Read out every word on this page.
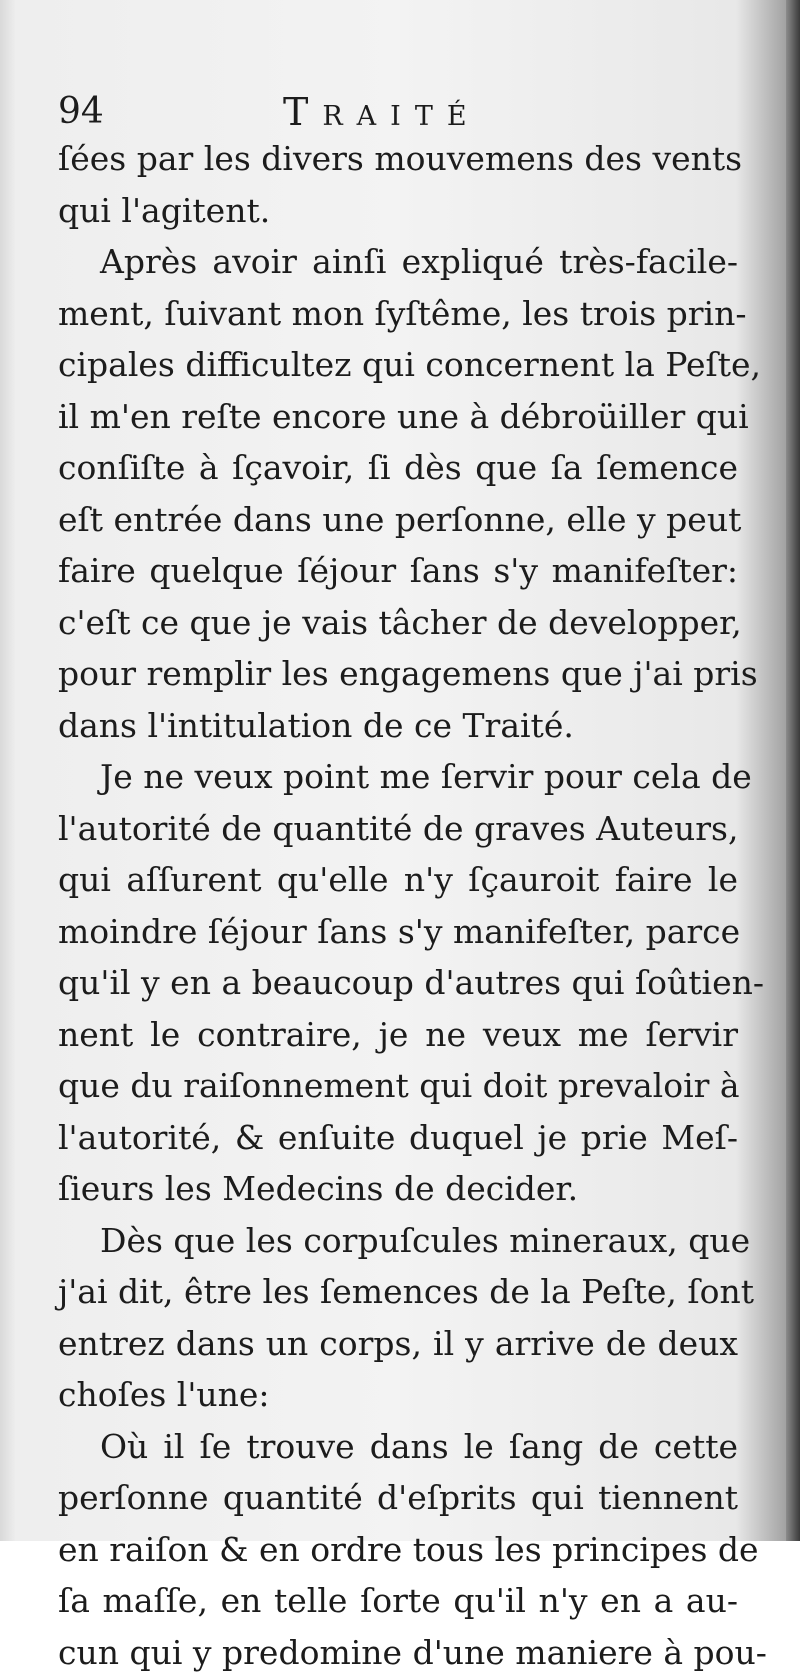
94	Traité
ſées par les divers mouvemens des vents
qui l'agitent.
Après avoir ainſi expliqué très-facile-
ment, ſuivant mon ſyſtême, les trois prin-
cipales difficultez qui concernent la Peſte,
il m'en reſte encore une à débroüiller qui
conſiſte à ſçavoir, ſi dès que ſa ſemence
eſt entrée dans une perſonne, elle y peut
faire quelque ſéjour ſans s'y manifeſter:
c'eſt ce que je vais tâcher de developper,
pour remplir les engagemens que j'ai pris
dans l'intitulation de ce Traité.
Je ne veux point me ſervir pour cela de
l'autorité de quantité de graves Auteurs,
qui aſſurent qu'elle n'y ſçauroit faire le
moindre ſéjour ſans s'y manifeſter, parce
qu'il y en a beaucoup d'autres qui ſoûtien-
nent le contraire, je ne veux me ſervir
que du raiſonnement qui doit prevaloir à
l'autorité, & enſuite duquel je prie Meſ-
ſieurs les Medecins de decider.
Dès que les corpuſcules mineraux, que
j'ai dit, être les ſemences de la Peſte, ſont
entrez dans un corps, il y arrive de deux
choſes l'une:
Où il ſe trouve dans le ſang de cette
perſonne quantité d'eſprits qui tiennent
en raiſon & en ordre tous les principes de
ſa maſſe, en telle ſorte qu'il n'y en a au-
cun qui y predomine d'une maniere à pou-
